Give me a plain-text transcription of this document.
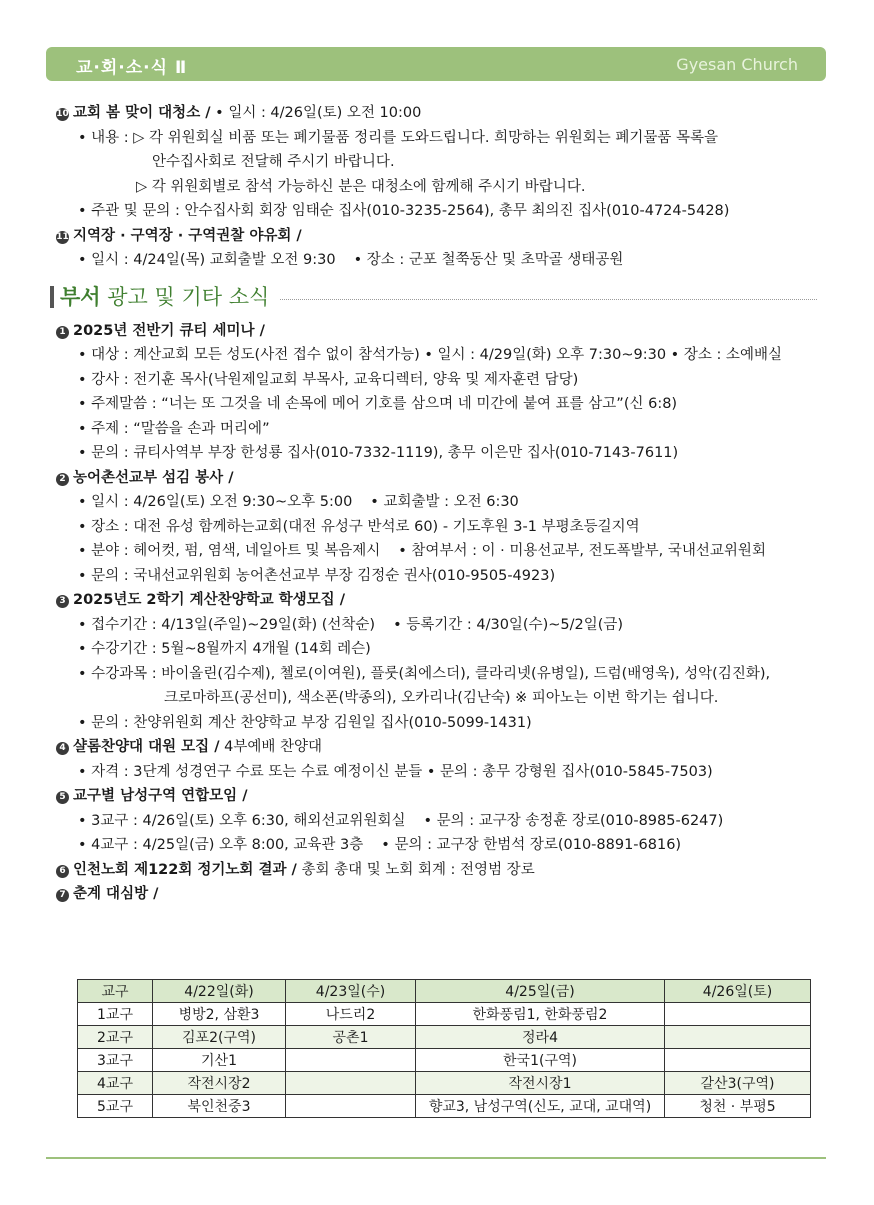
교·회·소·식 Ⅱ	Gyesan Church
10 교회 봄 맞이 대청소 / • 일시 : 4/26일(토) 오전 10:00
• 내용 : ▷ 각 위원회실 비품 또는 폐기물품 정리를 도와드립니다. 희망하는 위원회는 폐기물품 목록을
안수집사회로 전달해 주시기 바랍니다.
▷ 각 위원회별로 참석 가능하신 분은 대청소에 함께해 주시기 바랍니다.
• 주관 및 문의 : 안수집사회 회장 임태순 집사(010-3235-2564), 총무 최의진 집사(010-4724-5428)
11 지역장 · 구역장 · 구역권찰 야유회 /
• 일시 : 4/24일(목) 교회출발 오전 9:30 • 장소 : 군포 철쭉동산 및 초막골 생태공원
부서 광고 및 기타 소식
1 2025년 전반기 큐티 세미나 /
• 대상 : 계산교회 모든 성도(사전 접수 없이 참석가능) • 일시 : 4/29일(화) 오후 7:30~9:30 • 장소 : 소예배실
• 강사 : 전기훈 목사(낙원제일교회 부목사, 교육디렉터, 양육 및 제자훈련 담당)
• 주제말씀 : “너는 또 그것을 네 손목에 메어 기호를 삼으며 네 미간에 붙여 표를 삼고”(신 6:8)
• 주제 : “말씀을 손과 머리에”
• 문의 : 큐티사역부 부장 한성룡 집사(010-7332-1119), 총무 이은만 집사(010-7143-7611)
2 농어촌선교부 섬김 봉사 /
• 일시 : 4/26일(토) 오전 9:30~오후 5:00 • 교회출발 : 오전 6:30
• 장소 : 대전 유성 함께하는교회(대전 유성구 반석로 60) - 기도후원 3-1 부평초등길지역
• 분야 : 헤어컷, 펌, 염색, 네일아트 및 복음제시 • 참여부서 : 이 · 미용선교부, 전도폭발부, 국내선교위원회
• 문의 : 국내선교위원회 농어촌선교부 부장 김정순 권사(010-9505-4923)
3 2025년도 2학기 계산찬양학교 학생모집 /
• 접수기간 : 4/13일(주일)~29일(화) (선착순) • 등록기간 : 4/30일(수)~5/2일(금)
• 수강기간 : 5월~8월까지 4개월 (14회 레슨)
• 수강과목 : 바이올린(김수제), 첼로(이여원), 플룻(최에스더), 클라리넷(유병일), 드럼(배영욱), 성악(김진화),
크로마하프(공선미), 색소폰(박종의), 오카리나(김난숙) ※ 피아노는 이번 학기는 쉽니다.
• 문의 : 찬양위원회 계산 찬양학교 부장 김원일 집사(010-5099-1431)
4 샬롬찬양대 대원 모집 / 4부예배 찬양대
• 자격 : 3단계 성경연구 수료 또는 수료 예정이신 분들 • 문의 : 총무 강형원 집사(010-5845-7503)
5 교구별 남성구역 연합모임 /
• 3교구 : 4/26일(토) 오후 6:30, 해외선교위원회실 • 문의 : 교구장 송정훈 장로(010-8985-6247)
• 4교구 : 4/25일(금) 오후 8:00, 교육관 3층 • 문의 : 교구장 한범석 장로(010-8891-6816)
6 인천노회 제122회 정기노회 결과 / 총회 총대 및 노회 회계 : 전영범 장로
7 춘계 대심방 /
교구	4/22일(화)	4/23일(수)	4/25일(금)	4/26일(토)
1교구	병방2, 삼환3	나드리2	한화풍림1, 한화풍림2	
2교구	김포2(구역)	공촌1	정라4	
3교구	기산1		한국1(구역)	
4교구	작전시장2		작전시장1	갈산3(구역)
5교구	북인천중3		향교3, 남성구역(신도, 교대, 교대역)	청천 · 부평5
